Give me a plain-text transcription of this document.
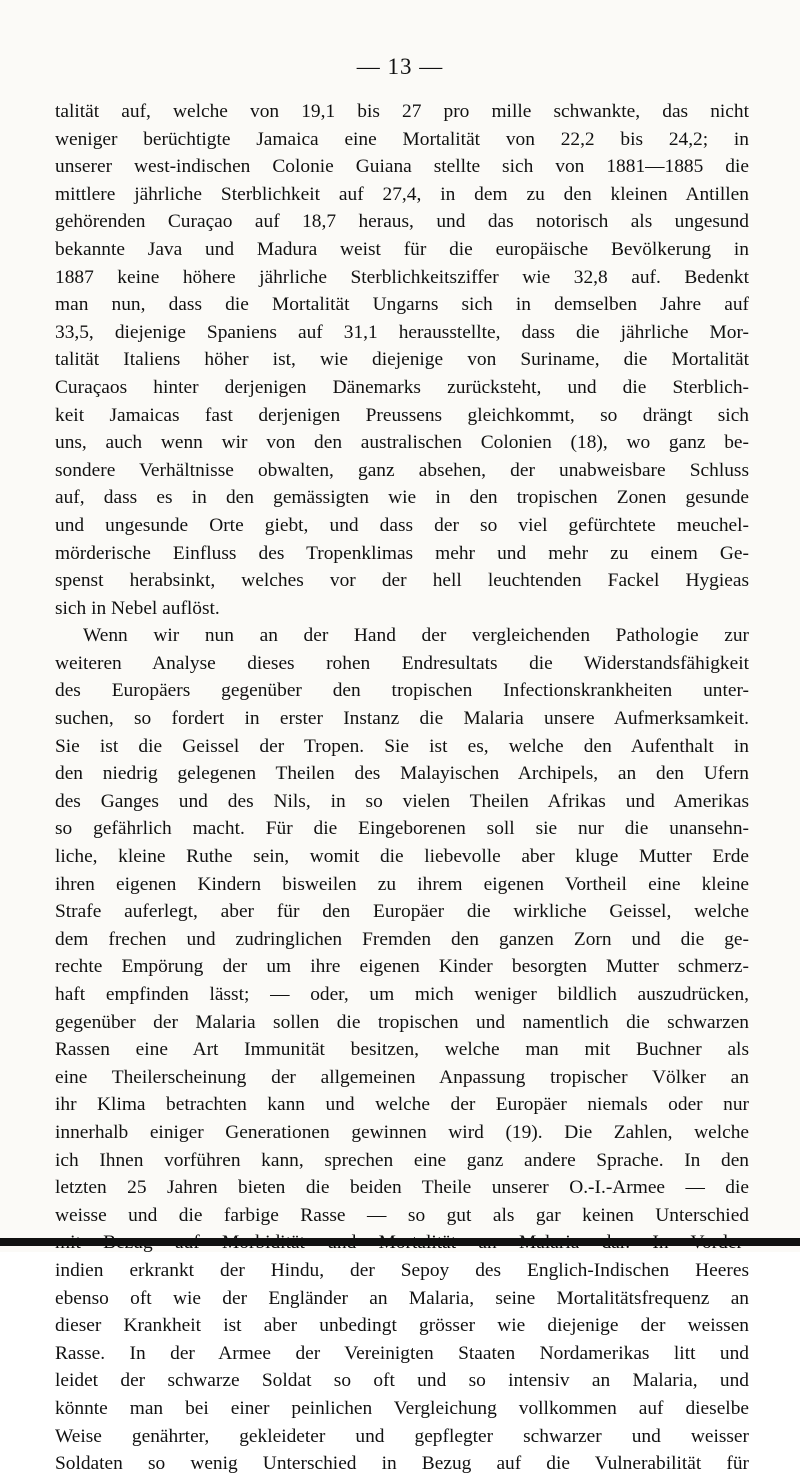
— 13 —
talität auf, welche von 19,1 bis 27 pro mille schwankte, das nicht
weniger berüchtigte Jamaica eine Mortalität von 22,2 bis 24,2; in
unserer west-indischen Colonie Guiana stellte sich von 1881—1885 die
mittlere jährliche Sterblichkeit auf 27,4, in dem zu den kleinen Antillen
gehörenden Curaçao auf 18,7 heraus, und das notorisch als ungesund
bekannte Java und Madura weist für die europäische Bevölkerung in
1887 keine höhere jährliche Sterblichkeitsziffer wie 32,8 auf. Bedenkt
man nun, dass die Mortalität Ungarns sich in demselben Jahre auf
33,5, diejenige Spaniens auf 31,1 herausstellte, dass die jährliche Mor-
talität Italiens höher ist, wie diejenige von Suriname, die Mortalität
Curaçaos hinter derjenigen Dänemarks zurücksteht, und die Sterblich-
keit Jamaicas fast derjenigen Preussens gleichkommt, so drängt sich
uns, auch wenn wir von den australischen Colonien (18), wo ganz be-
sondere Verhältnisse obwalten, ganz absehen, der unabweisbare Schluss
auf, dass es in den gemässigten wie in den tropischen Zonen gesunde
und ungesunde Orte giebt, und dass der so viel gefürchtete meuchel-
mörderische Einfluss des Tropenklimas mehr und mehr zu einem Ge-
spenst herabsinkt, welches vor der hell leuchtenden Fackel Hygieas
sich in Nebel auflöst.
Wenn wir nun an der Hand der vergleichenden Pathologie zur
weiteren Analyse dieses rohen Endresultats die Widerstandsfähigkeit
des Europäers gegenüber den tropischen Infectionskrankheiten unter-
suchen, so fordert in erster Instanz die Malaria unsere Aufmerksamkeit.
Sie ist die Geissel der Tropen. Sie ist es, welche den Aufenthalt in
den niedrig gelegenen Theilen des Malayischen Archipels, an den Ufern
des Ganges und des Nils, in so vielen Theilen Afrikas und Amerikas
so gefährlich macht. Für die Eingeborenen soll sie nur die unansehn-
liche, kleine Ruthe sein, womit die liebevolle aber kluge Mutter Erde
ihren eigenen Kindern bisweilen zu ihrem eigenen Vortheil eine kleine
Strafe auferlegt, aber für den Europäer die wirkliche Geissel, welche
dem frechen und zudringlichen Fremden den ganzen Zorn und die ge-
rechte Empörung der um ihre eigenen Kinder besorgten Mutter schmerz-
haft empfinden lässt; — oder, um mich weniger bildlich auszudrücken,
gegenüber der Malaria sollen die tropischen und namentlich die schwarzen
Rassen eine Art Immunität besitzen, welche man mit Buchner als
eine Theilerscheinung der allgemeinen Anpassung tropischer Völker an
ihr Klima betrachten kann und welche der Europäer niemals oder nur
innerhalb einiger Generationen gewinnen wird (19). Die Zahlen, welche
ich Ihnen vorführen kann, sprechen eine ganz andere Sprache. In den
letzten 25 Jahren bieten die beiden Theile unserer O.-I.-Armee — die
weisse und die farbige Rasse — so gut als gar keinen Unterschied
indien erkrankt der Hindu, der Sepoy des Englich-Indischen Heeres
ebenso oft wie der Engländer an Malaria, seine Mortalitätsfrequenz an
dieser Krankheit ist aber unbedingt grösser wie diejenige der weissen
Rasse. In der Armee der Vereinigten Staaten Nordamerikas litt und
leidet der schwarze Soldat so oft und so intensiv an Malaria, und
könnte man bei einer peinlichen Vergleichung vollkommen auf dieselbe
Weise genährter, gekleideter und gepflegter schwarzer und weisser
Soldaten so wenig Unterschied in Bezug auf die Vulnerabilität für
